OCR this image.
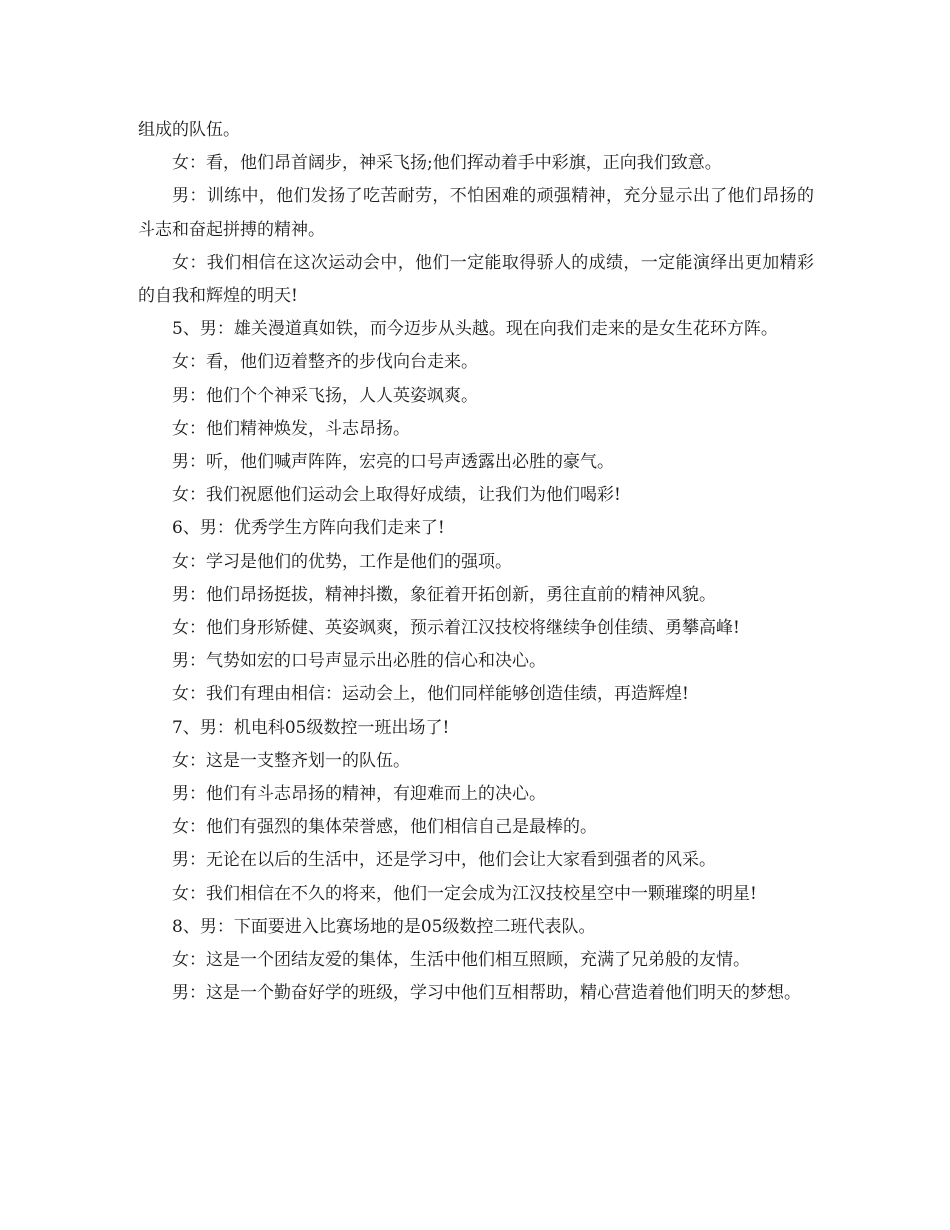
组成的队伍。

女：看，他们昂首阔步，神采飞扬;他们挥动着手中彩旗，正向我们致意。

男：训练中，他们发扬了吃苦耐劳，不怕困难的顽强精神，充分显示出了他们昂扬的斗志和奋起拼搏的精神。

女：我们相信在这次运动会中，他们一定能取得骄人的成绩，一定能演绎出更加精彩的自我和辉煌的明天!

5、男：雄关漫道真如铁，而今迈步从头越。现在向我们走来的是女生花环方阵。

女：看，他们迈着整齐的步伐向台走来。

男：他们个个神采飞扬，人人英姿飒爽。

女：他们精神焕发，斗志昂扬。

男：听，他们喊声阵阵，宏亮的口号声透露出必胜的豪气。

女：我们祝愿他们运动会上取得好成绩，让我们为他们喝彩!

6、男：优秀学生方阵向我们走来了!

女：学习是他们的优势，工作是他们的强项。

男：他们昂扬挺拔，精神抖擞，象征着开拓创新，勇往直前的精神风貌。

女：他们身形矫健、英姿飒爽，预示着江汉技校将继续争创佳绩、勇攀高峰!

男：气势如宏的口号声显示出必胜的信心和决心。

女：我们有理由相信：运动会上，他们同样能够创造佳绩，再造辉煌!

7、男：机电科05级数控一班出场了!

女：这是一支整齐划一的队伍。

男：他们有斗志昂扬的精神，有迎难而上的决心。

女：他们有强烈的集体荣誉感，他们相信自己是最棒的。

男：无论在以后的生活中，还是学习中，他们会让大家看到强者的风采。

女：我们相信在不久的将来，他们一定会成为江汉技校星空中一颗璀璨的明星!

8、男：下面要进入比赛场地的是05级数控二班代表队。

女：这是一个团结友爱的集体，生活中他们相互照顾，充满了兄弟般的友情。

男：这是一个勤奋好学的班级，学习中他们互相帮助，精心营造着他们明天的梦想。
